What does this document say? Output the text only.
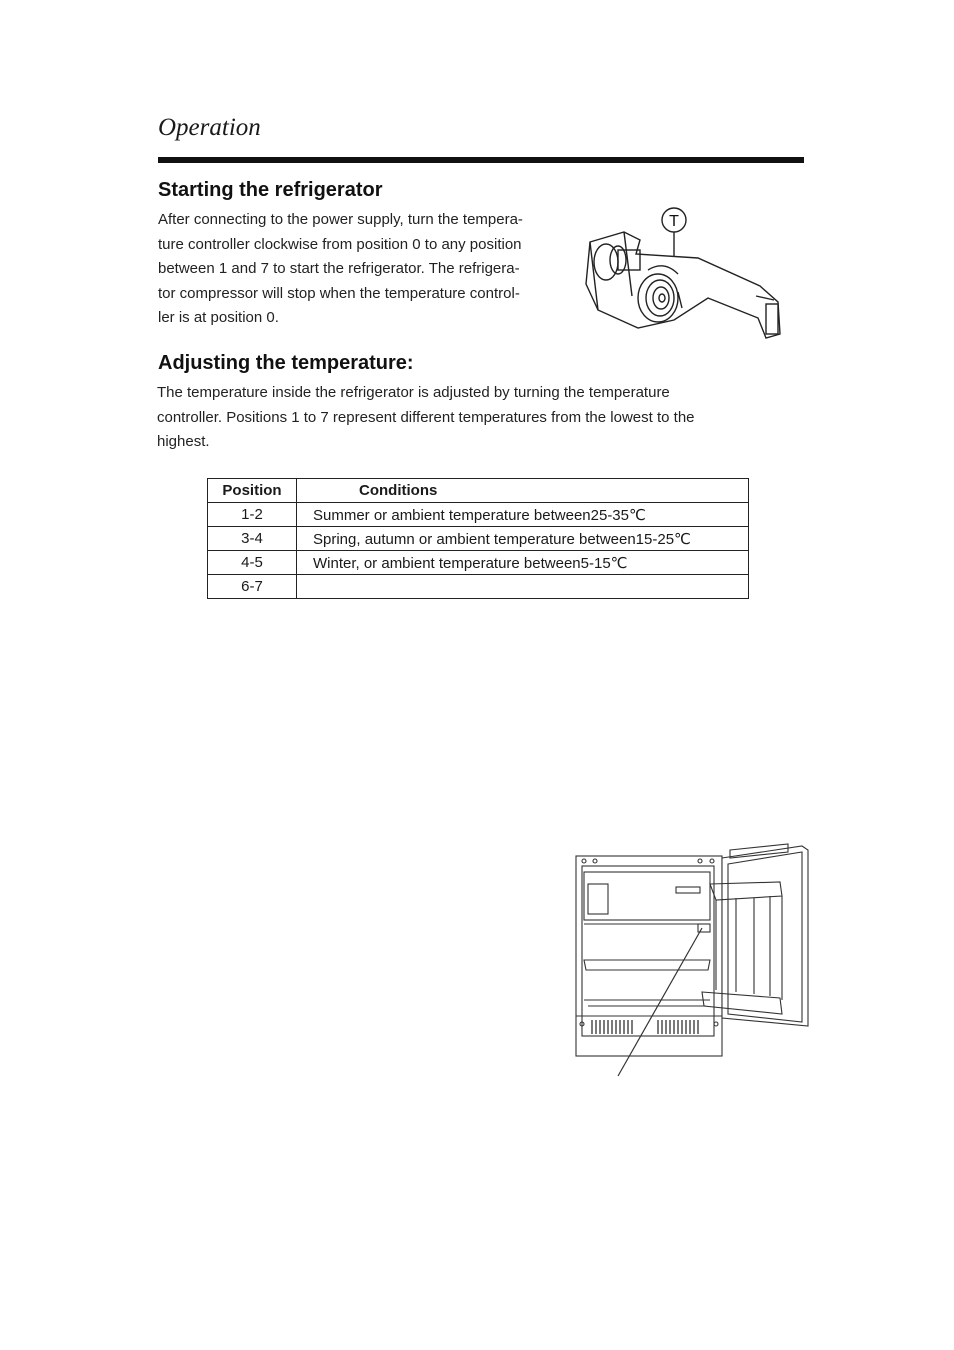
Operation
Starting the refrigerator

After connecting to the power supply, turn the tempera-
ture controller clockwise from position 0 to any position
between 1 and 7 to start the refrigerator. The refrigera-
tor compressor will stop when the temperature control-
ler is at position 0.

T
Adjusting the temperature:

The temperature inside the refrigerator is adjusted by turning the temperature
controller. Positions 1 to 7 represent different temperatures from the lowest to the
highest.

Position	Conditions
1-2	Summer or ambient temperature between25-35℃
3-4	Spring, autumn or ambient temperature between15-25℃
4-5	Winter, or ambient temperature between5-15℃
6-7	
